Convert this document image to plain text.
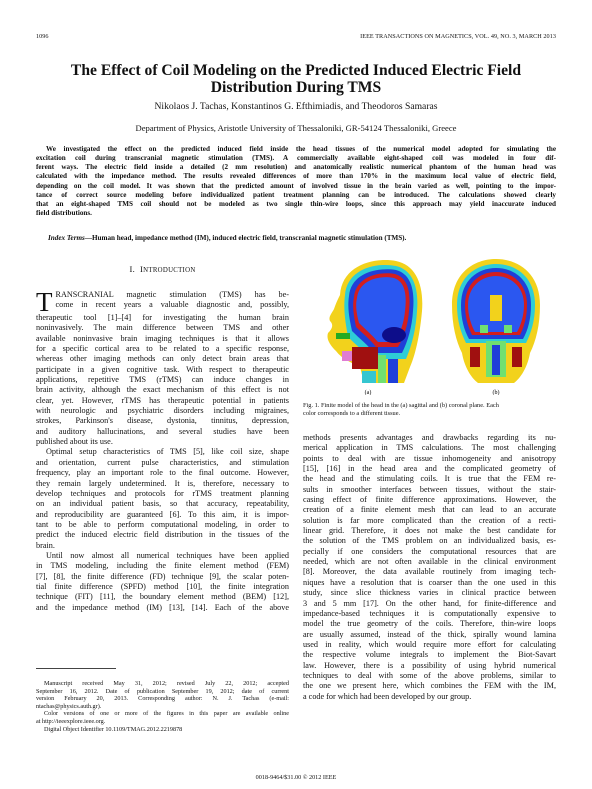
1096	IEEE TRANSACTIONS ON MAGNETICS, VOL. 49, NO. 3, MARCH 2013
The Effect of Coil Modeling on the Predicted Induced Electric Field
Distribution During TMS
Nikolaos J. Tachas, Konstantinos G. Efthimiadis, and Theodoros Samaras
Department of Physics, Aristotle University of Thessaloniki, GR-54124 Thessaloniki, Greece
We investigated the effect on the predicted induced field inside the head tissues of the numerical model adopted for simulating the
excitation coil during transcranial magnetic stimulation (TMS). A commercially available eight-shaped coil was modeled in four dif-
ferent ways. The electric field inside a detailed (2 mm resolution) and anatomically realistic numerical phantom of the human head was
calculated with the impedance method. The results revealed differences of more than 170% in the maximum local value of electric field,
depending on the coil model. It was shown that the predicted amount of involved tissue in the brain varied as well, pointing to the impor-
tance of correct source modeling before individualized patient treatment planning can be introduced. The calculations showed clearly
that an eight-shaped TMS coil should not be modeled as two single thin-wire loops, since this approach may yield inaccurate induced
field distributions.
Index Terms—Human head, impedance method (IM), induced electric field, transcranial magnetic stimulation (TMS).
I. INTRODUCTION
T RANSCRANIAL magnetic stimulation (TMS) has be-
come in recent years a valuable diagnostic and, possibly,
therapeutic tool [1]–[4] for investigating the human brain
noninvasively. The main difference between TMS and other
available noninvasive brain imaging techniques is that it allows
for a specific cortical area to be related to a specific response,
whereas other imaging methods can only detect brain areas that
participate in a given cognitive task. With respect to therapeutic
applications, repetitive TMS (rTMS) can induce changes in
brain activity, although the exact mechanism of this effect is not
clear, yet. However, rTMS has therapeutic potential in patients
with neurologic and psychiatric disorders including migraines,
strokes, Parkinson's disease, dystonia, tinnitus, depression,
and auditory hallucinations, and several studies have been
published about its use.
Optimal setup characteristics of TMS [5], like coil size, shape
and orientation, current pulse characteristics, and stimulation
frequency, play an important role to the final outcome. However,
they remain largely undetermined. It is, therefore, necessary to
develop techniques and protocols for rTMS treatment planning
on an individual patient basis, so that accuracy, repeatability,
and reproducibility are guaranteed [6]. To this aim, it is impor-
tant to be able to perform computational modeling, in order to
predict the induced electric field distribution in the tissues of the
brain.
Until now almost all numerical techniques have been applied
in TMS modeling, including the finite element method (FEM)
[7], [8], the finite difference (FD) technique [9], the scalar poten-
tial finite difference (SPFD) method [10], the finite integration
technique (FIT) [11], the boundary element method (BEM) [12],
and the impedance method (IM) [13], [14]. Each of the above
Manuscript received May 31, 2012; revised July 22, 2012; accepted
September 16, 2012. Date of publication September 19, 2012; date of current
version February 20, 2013. Corresponding author: N. J. Tachas (e-mail:
ntachas@physics.auth.gr).
Color versions of one or more of the figures in this paper are available online
at http://ieeexplore.ieee.org.
Digital Object Identifier 10.1109/TMAG.2012.2219878
(a)	(b)
Fig. 1. Finite model of the head in the (a) sagittal and (b) coronal plane. Each
color corresponds to a different tissue.
methods presents advantages and drawbacks regarding its nu-
merical application in TMS calculations. The most challenging
points to deal with are tissue inhomogeneity and anisotropy
[15], [16] in the head area and the complicated geometry of
the head and the stimulating coils. It is true that the FEM re-
sults in smoother interfaces between tissues, without the stair-
casing effect of finite difference approximations. However, the
creation of a finite element mesh that can lead to an accurate
solution is far more complicated than the creation of a recti-
linear grid. Therefore, it does not make the best candidate for
the solution of the TMS problem on an individualized basis, es-
pecially if one considers the computational resources that are
needed, which are not often available in the clinical environment
[8]. Moreover, the data available routinely from imaging tech-
niques have a resolution that is coarser than the one used in this
study, since slice thickness varies in clinical practice between
3 and 5 mm [17]. On the other hand, for finite-difference and
impedance-based techniques it is computationally expensive to
model the true geometry of the coils. Therefore, thin-wire loops
are usually assumed, instead of the thick, spirally wound lamina
used in reality, which would require more effort for calculating
the respective volume integrals to implement the Biot-Savart
law. However, there is a possibility of using hybrid numerical
techniques to deal with some of the above problems, similar to
the one we present here, which combines the FEM with the IM,
a code for which had been developed by our group.
0018-9464/$31.00 © 2012 IEEE
